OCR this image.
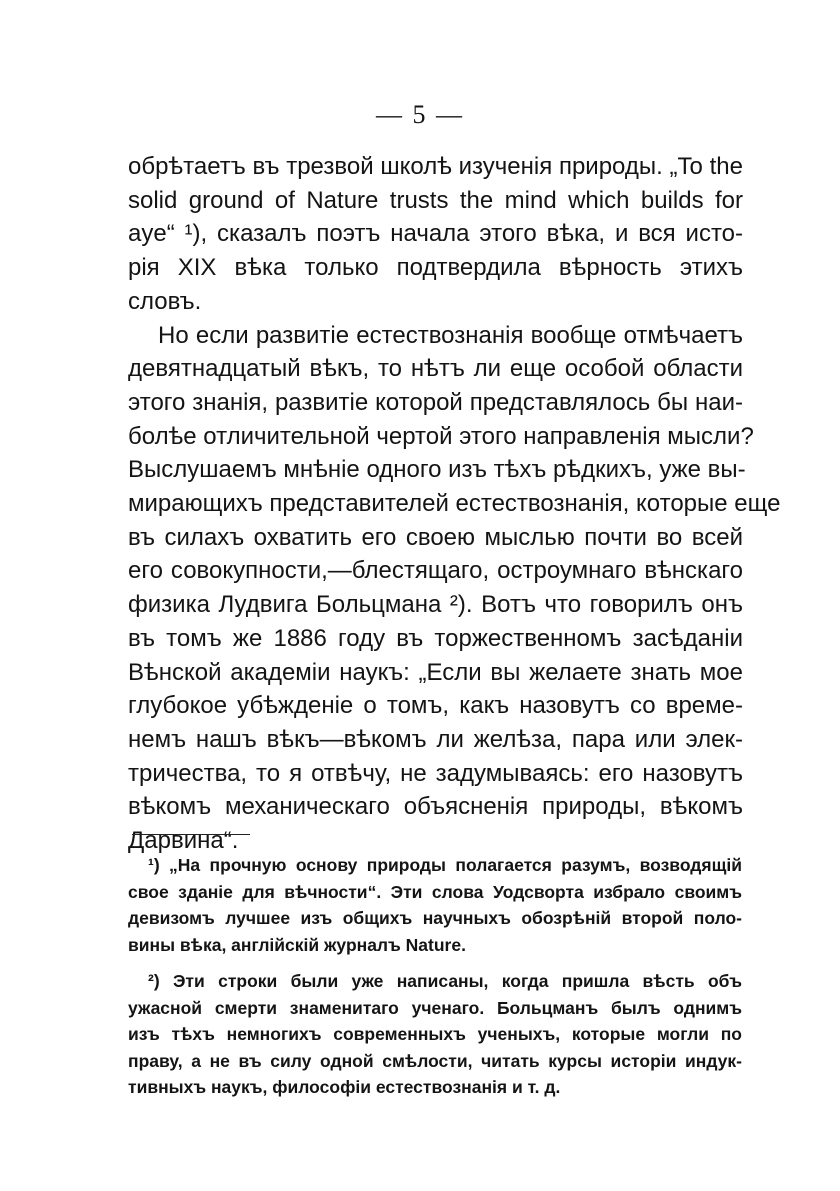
— 5 —
обрѣтаетъ въ трезвой школѣ изученія природы. „To the
solid ground of Nature trusts the mind which builds for
aye“ ¹), сказалъ поэтъ начала этого вѣка, и вся исто-
рія XIX вѣка только подтвердила вѣрность этихъ
словъ.
Но если развитіе естествознанія вообще отмѣчаетъ
девятнадцатый вѣкъ, то нѣтъ ли еще особой области
этого знанія, развитіе которой представлялось бы наи-
болѣе отличительной чертой этого направленія мысли?
Выслушаемъ мнѣніе одного изъ тѣхъ рѣдкихъ, уже вы-
мирающихъ представителей естествознанія, которые еще
въ силахъ охватить его своею мыслью почти во всей
его совокупности,—блестящаго, остроумнаго вѣнскаго
физика Лудвига Больцмана ²). Вотъ что говорилъ онъ
въ томъ же 1886 году въ торжественномъ засѣданіи
Вѣнской академіи наукъ: „Если вы желаете знать мое
глубокое убѣжденіе о томъ, какъ назовутъ со време-
немъ нашъ вѣкъ—вѣкомъ ли желѣза, пара или элек-
тричества, то я отвѣчу, не задумываясь: его назовутъ
вѣкомъ механическаго объясненія природы, вѣкомъ
Дарвина“.
¹) „На прочную основу природы полагается разумъ, возводящій
свое зданіе для вѣчности“. Эти слова Уодсворта избрало своимъ
девизомъ лучшее изъ общихъ научныхъ обозрѣній второй поло-
вины вѣка, англійскій журналъ Nature.
²) Эти строки были уже написаны, когда пришла вѣсть объ
ужасной смерти знаменитаго ученаго. Больцманъ былъ однимъ
изъ тѣхъ немногихъ современныхъ ученыхъ, которые могли по
праву, а не въ силу одной смѣлости, читать курсы исторіи индук-
тивныхъ наукъ, философіи естествознанія и т. д.
